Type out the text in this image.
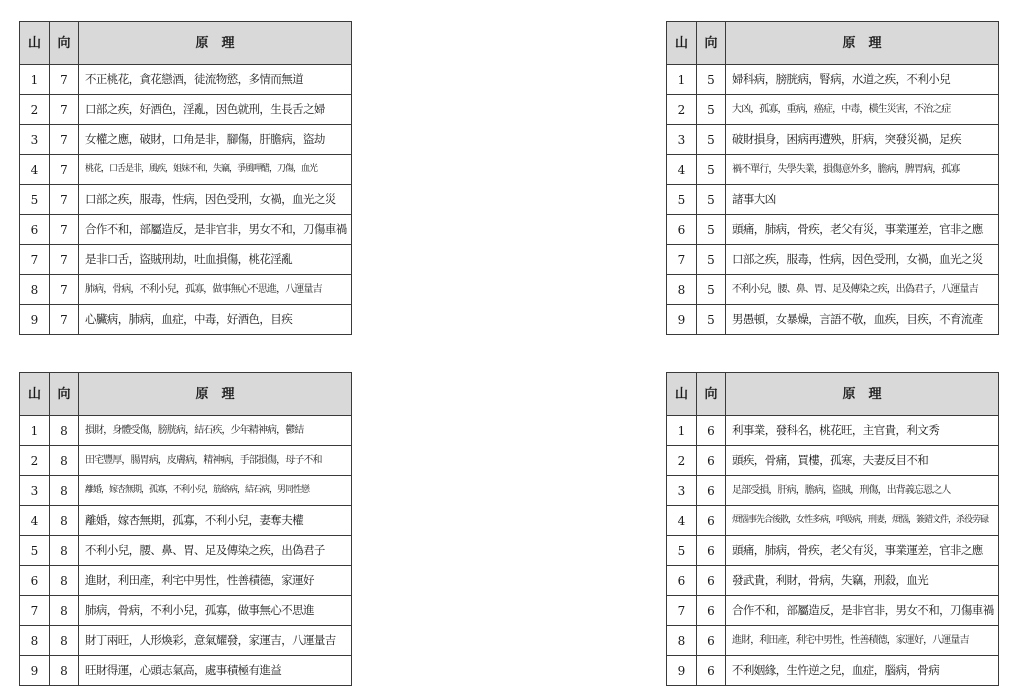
山	向	原　理
1	7	不正桃花，貪花戀酒，徒流物慾，多情而無道
2	7	口部之疾，好酒色，淫亂，因色就刑，生長舌之婦
3	7	女權之應，破財，口角是非，腳傷，肝膽病，盜劫
4	7	桃花，口舌是非，風疾，姐妹不和，失竊，爭風呷醋，刀傷，血光
5	7	口部之疾，服毒，性病，因色受刑，女禍，血光之災
6	7	合作不和，部屬造反，是非官非，男女不和，刀傷車禍
7	7	是非口舌，盜賊刑劫，吐血損傷，桃花淫亂
8	7	肺病，骨病，不利小兒，孤寡，做事無心不思進，八運量吉
9	7	心臟病，肺病，血症，中毒，好酒色，目疾
山	向	原　理
1	5	婦科病，膀胱病，腎病，水道之疾，不利小兒
2	5	大凶，孤寡，重病，癌症，中毒，橫生災害，不治之症
3	5	破財損身，困病再遭殃，肝病，突發災禍，足疾
4	5	禍不單行，失學失業，損傷意外多，膽病，脾胃病，孤寡
5	5	諸事大凶
6	5	頭痛，肺病，骨疾，老父有災，事業運差，官非之應
7	5	口部之疾，服毒，性病，因色受刑，女禍，血光之災
8	5	不利小兒，腰、鼻、胃、足及傳染之疾，出偽君子，八運量吉
9	5	男愚頓，女暴燥，言語不敬，血疾，目疾，不育流產
山	向	原　理
1	8	損財，身體受傷，膀胱病，結石疾，少年精神病，鬱結
2	8	田宅豐厚，腸胃病，皮膚病，精神病，手部損傷，母子不和
3	8	離婚，嫁杏無期，孤寡，不利小兒，筋絡病，結石病，男同性戀
4	8	離婚，嫁杏無期，孤寡，不利小兒，妻奪夫權
5	8	不利小兒，腰、鼻、胃、足及傳染之疾，出偽君子
6	8	進財，利田產，利宅中男性，性善積德，家運好
7	8	肺病，骨病，不利小兒，孤寡，做事無心不思進
8	8	財丁兩旺，人形煥彩，意氣耀發，家運吉，八運量吉
9	8	旺財得運，心頭志氣高，處事積極有進益
山	向	原　理
1	6	利事業，發科名，桃花旺，主官貴，利文秀
2	6	頭疾，骨痛，買樓，孤寒，夫妻反目不和
3	6	足部受損，肝病，膽病，盜賊，刑傷，出背義忘恩之人
4	6	煩惱事先合後散，女性多病，呼吸病，刑妻，煩惱，簽錯文件，杀役劳碌
5	6	頭痛，肺病，骨疾，老父有災，事業運差，官非之應
6	6	發武貴，利財，骨病，失竊，刑殺，血光
7	6	合作不和，部屬造反，是非官非，男女不和，刀傷車禍
8	6	進財，利田產，利宅中男性，性善積德，家運好，八運量吉
9	6	不利姻緣，生忤逆之兒，血症，腦病，骨病
